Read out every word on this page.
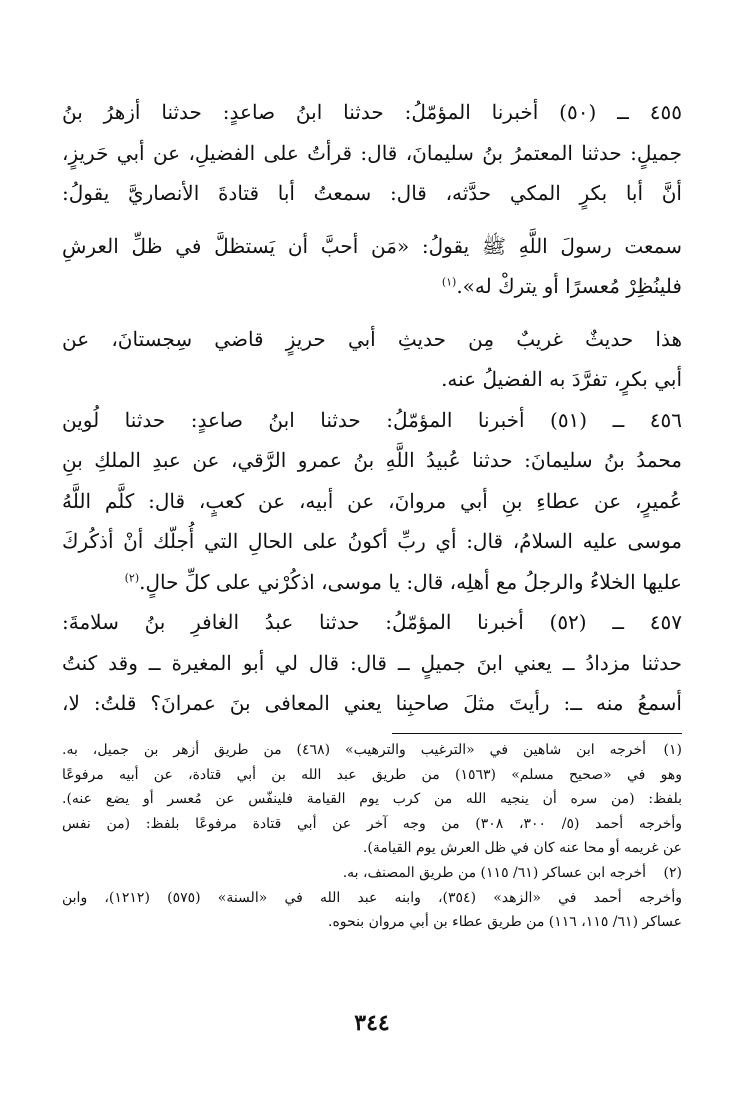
٤٥٥ ــ (٥٠) أخبرنا المؤمّلُ: حدثنا ابنُ صاعدٍ: حدثنا أزهرُ بنُ
جميلٍ: حدثنا المعتمرُ بنُ سليمانَ، قال: قرأتُ على الفضيلِ، عن أبي حَريزٍ،
أنَّ أبا بكرٍ المكي حدَّثه، قال: سمعتُ أبا قتادةَ الأنصاريَّ يقولُ:
سمعت رسولَ اللَّهِ ﷺ يقولُ: «مَن أحبَّ أن يَستظلَّ في ظلِّ العرشِ
فلينُظِرْ مُعسرًا أو يتركْ له».$^{(١)}$
هذا حديثٌ غريبٌ مِن حديثِ أبي حريزٍ قاضي سِجستانَ، عن
أبي بكرٍ، تفرَّدَ به الفضيلُ عنه.
٤٥٦ ــ (٥١) أخبرنا المؤمّلُ: حدثنا ابنُ صاعدٍ: حدثنا لُوين
محمدُ بنُ سليمانَ: حدثنا عُبيدُ اللَّهِ بنُ عمرو الرَّقي، عن عبدِ الملكِ بنِ
عُميرٍ، عن عطاءِ بنِ أبي مروانَ، عن أبيه، عن كعبٍ، قال: كلَّم اللَّهُ
موسى عليه السلامُ، قال: أي ربِّ أكونُ على الحالِ التي أُجلّك أنْ أذكُركَ
عليها الخلاءُ والرجلُ مع أهلِه، قال: يا موسى، اذكُرْني على كلِّ حالٍ.$^{(٢)}$
٤٥٧ ــ (٥٢) أخبرنا المؤمّلُ: حدثنا عبدُ الغافرِ بنُ سلامةَ:
حدثنا مزدادُ ــ يعني ابنَ جميلٍ ــ قال: قال لي أبو المغيرة ــ وقد كنتُ
أسمعُ منه ــ: رأيتَ مثلَ صاحبِنا يعني المعافى بنَ عمرانَ؟ قلتُ: لا،
(١)أخرجه ابن شاهين في «الترغيب والترهيب» (٤٦٨) من طريق أزهر بن جميل، به.
وهو في «صحيح مسلم» (١٥٦٣) من طريق عبد الله بن أبي قتادة، عن أبيه مرفوعًا
بلفظ: (من سره أن ينجيه الله من كرب يوم القيامة فلينفّس عن مُعسر أو يضع عنه).
وأخرجه أحمد (٥/ ٣٠٠، ٣٠٨) من وجه آخر عن أبي قتادة مرفوعًا بلفظ: (من نفس
عن غريمه أو محا عنه كان في ظل العرش يوم القيامة).
(٢)أخرجه ابن عساكر (٦١/ ١١٥) من طريق المصنف، به.
وأخرجه أحمد في «الزهد» (٣٥٤)، وابنه عبد الله في «السنة» (٥٧٥) (١٢١٢)، وابن
عساكر (٦١/ ١١٥، ١١٦) من طريق عطاء بن أبي مروان بنحوه.
٣٤٤
